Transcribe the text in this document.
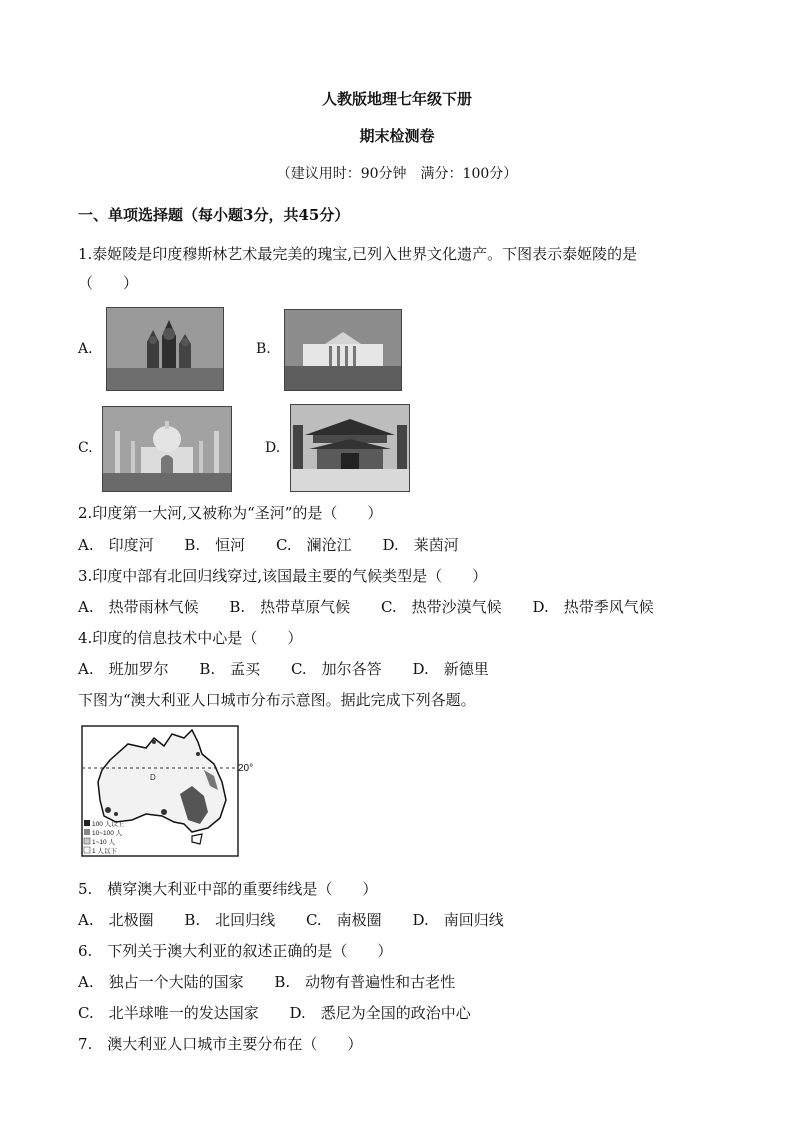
人教版地理七年级下册
期末检测卷
（建议用时：90分钟　满分：100分）
一、单项选择题（每小题3分，共45分）
1.泰姬陵是印度穆斯林艺术最完美的瑰宝,已列入世界文化遗产。下图表示泰姬陵的是
（　　）
A.	B.
C.	D.
2.印度第一大河,又被称为“圣河”的是（　　）
A.　印度河 B.　恒河 C.　澜沧江 D.　莱茵河
3.印度中部有北回归线穿过,该国最主要的气候类型是（　　）
A.　热带雨林气候 B.　热带草原气候 C.　热带沙漠气候 D.　热带季风气候
4.印度的信息技术中心是（　　）
A.　班加罗尔 B.　孟买 C.　加尔各答 D.　新德里
下图为“澳大利亚人口城市分布示意图。据此完成下列各题。
20°
D
100 人以上
10~100 人
1~10 人
1 人以下
5.　横穿澳大利亚中部的重要纬线是（　　）
A.　北极圈 B.　北回归线 C.　南极圈 D.　南回归线
6.　下列关于澳大利亚的叙述正确的是（　　）
A.　独占一个大陆的国家 B.　动物有普遍性和古老性
C.　北半球唯一的发达国家 D.　悉尼为全国的政治中心
7.　澳大利亚人口城市主要分布在（　　）
